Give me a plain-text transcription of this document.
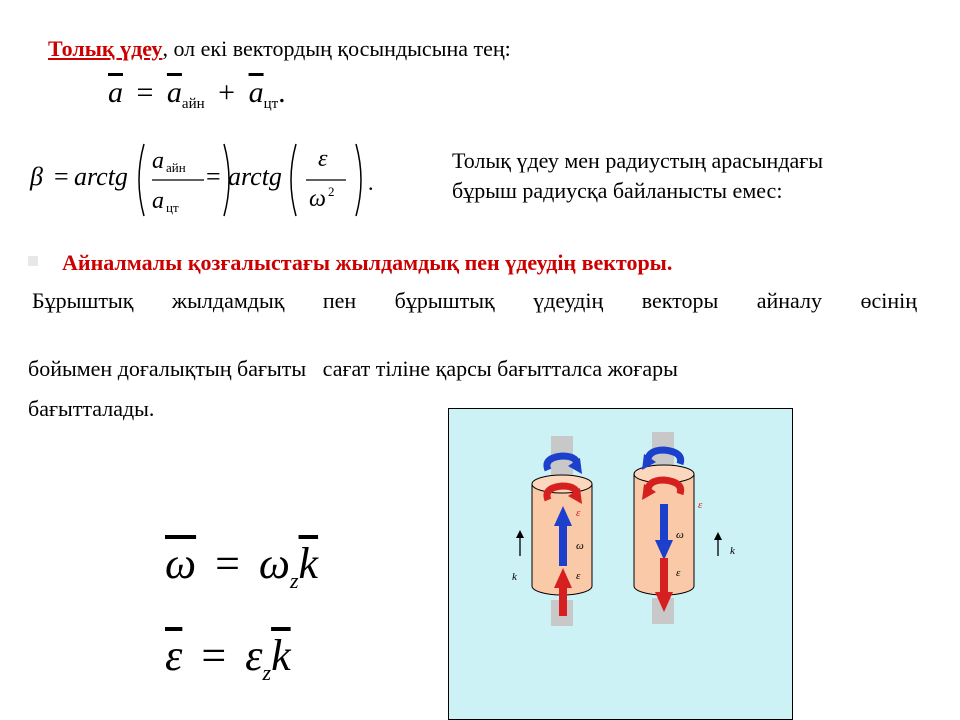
Толық үдеу, ол екі вектордың қосындысына тең:
$\overline{a} = \overline{a}_{айн} + \overline{a}_{цт}$.
β = arctg
a айн
a цт
= arctg
ε
ω 2 .
Толық үдеу мен радиустың арасындағы
бұрыш радиусқа байланысты емес:
Айналмалы қозғалыстағы жылдамдық пен үдеудің векторы.
Бұрыштық жылдамдық пен бұрыштық үдеудің векторы айналу өсінің
бойымен доғалықтың бағыты   сағат тіліне қарсы бағытталса жоғары
бағытталады.
$\overline{\omega} = \omega_z\overline{k}$
$\overline{\varepsilon} = \varepsilon_z\overline{k}$
ε
ω
ε
k
ε
ω
ε
k
